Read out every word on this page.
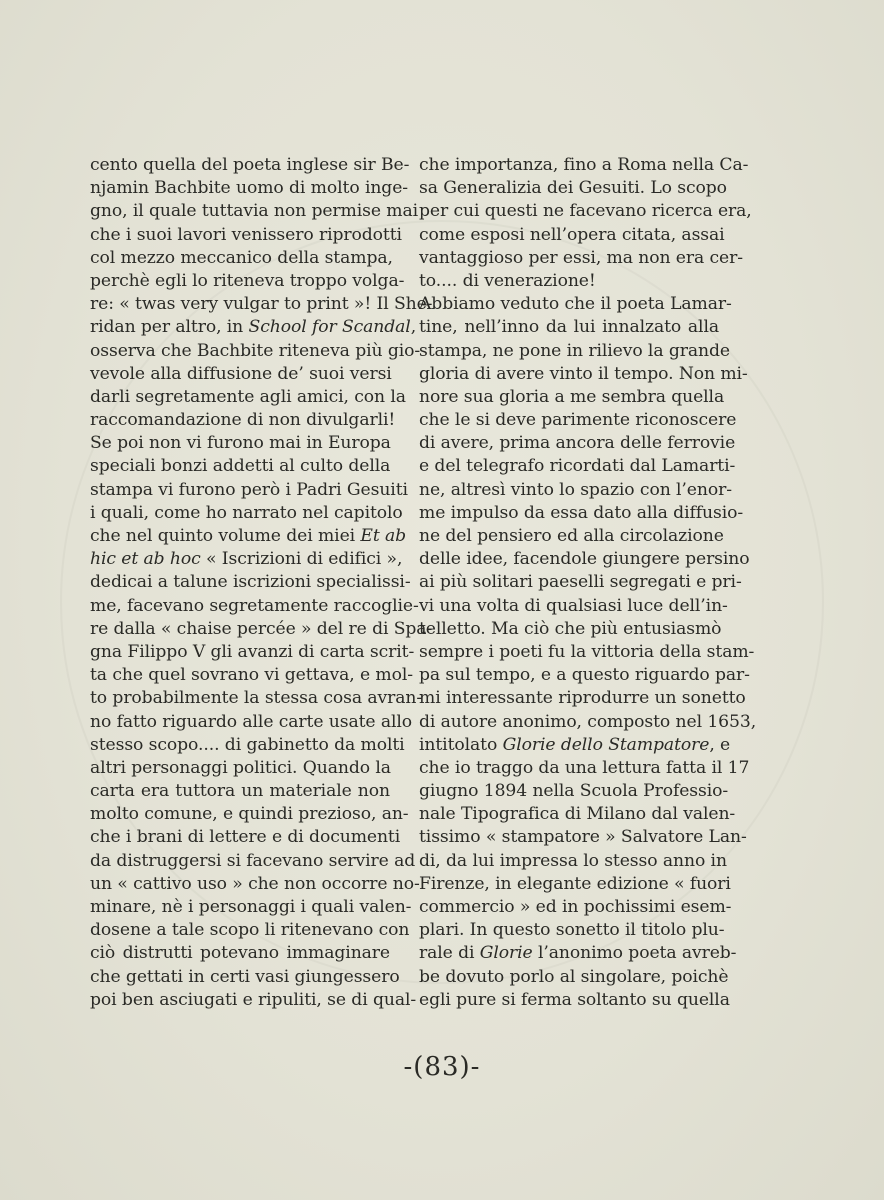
cento quella del poeta inglese sir Be-
njamin Bachbite uomo di molto inge-
gno, il quale tuttavia non permise mai
che i suoi lavori venissero riprodotti
col mezzo meccanico della stampa,
perchè egli lo riteneva troppo volga-
re: « twas very vulgar to print »! Il She-
ridan per altro, in School for Scandal,
osserva che Bachbite riteneva più gio-
vevole alla diffusione de’ suoi versi
darli segretamente agli amici, con la
raccomandazione di non divulgarli!
Se poi non vi furono mai in Europa
speciali bonzi addetti al culto della
stampa vi furono però i Padri Gesuiti
i quali, come ho narrato nel capitolo
che nel quinto volume dei miei Et ab
hic et ab hoc « Iscrizioni di edifici »,
dedicai a talune iscrizioni specialissi-
me, facevano segretamente raccoglie-
re dalla « chaise percée » del re di Spa-
gna Filippo V gli avanzi di carta scrit-
ta che quel sovrano vi gettava, e mol-
to probabilmente la stessa cosa avran-
no fatto riguardo alle carte usate allo
stesso scopo.... di gabinetto da molti
altri personaggi politici. Quando la
carta era tuttora un materiale non
molto comune, e quindi prezioso, an-
che i brani di lettere e di documenti
da distruggersi si facevano servire ad
un « cattivo uso » che non occorre no-
minare, nè i personaggi i quali valen-
dosene a tale scopo li ritenevano con
ciò distrutti potevano immaginare
che gettati in certi vasi giungessero
poi ben asciugati e ripuliti, se di qual-
che importanza, fino a Roma nella Ca-
sa Generalizia dei Gesuiti. Lo scopo
per cui questi ne facevano ricerca era,
come esposi nell’opera citata, assai
vantaggioso per essi, ma non era cer-
to.... di venerazione!
Abbiamo veduto che il poeta Lamar-
tine, nell’inno da lui innalzato alla
stampa, ne pone in rilievo la grande
gloria di avere vinto il tempo. Non mi-
nore sua gloria a me sembra quella
che le si deve parimente riconoscere
di avere, prima ancora delle ferrovie
e del telegrafo ricordati dal Lamarti-
ne, altresì vinto lo spazio con l’enor-
me impulso da essa dato alla diffusio-
ne del pensiero ed alla circolazione
delle idee, facendole giungere persino
ai più solitari paeselli segregati e pri-
vi una volta di qualsiasi luce dell’in-
telletto. Ma ciò che più entusiasmò
sempre i poeti fu la vittoria della stam-
pa sul tempo, e a questo riguardo par-
mi interessante riprodurre un sonetto
di autore anonimo, composto nel 1653,
intitolato Glorie dello Stampatore, e
che io traggo da una lettura fatta il 17
giugno 1894 nella Scuola Professio-
nale Tipografica di Milano dal valen-
tissimo « stampatore » Salvatore Lan-
di, da lui impressa lo stesso anno in
Firenze, in elegante edizione « fuori
commercio » ed in pochissimi esem-
plari. In questo sonetto il titolo plu-
rale di Glorie l’anonimo poeta avreb-
be dovuto porlo al singolare, poichè
egli pure si ferma soltanto su quella
-(83)-
